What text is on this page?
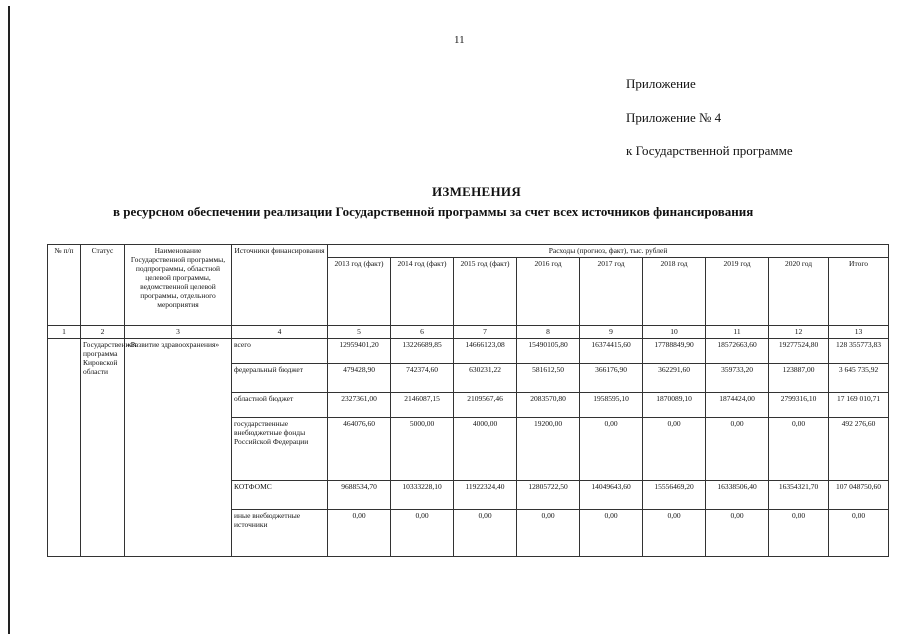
11
Приложение
Приложение № 4
к Государственной программе
ИЗМЕНЕНИЯ
в ресурсном обеспечении реализации Государственной программы за счет всех источников финансирования
№ п/п	Статус	Наименование Государственной программы, подпрограммы, областной целевой программы, ведомственной целевой программы, отдельного мероприятия	Источники финансирования	Расходы (прогноз, факт), тыс. рублей								
				2013 год (факт)	2014 год (факт)	2015 год (факт)	2016 год	2017 год	2018 год	2019 год	2020 год	Итого
1	2	3	4	5	6	7	8	9	10	11	12	13
	Государственная программа Кировской области	«Развитие здравоохранения»	всего	12959401,20	13226689,85	14666123,08	15490105,80	16374415,60	17788849,90	18572663,60	19277524,80	128 355773,83
			федеральный бюджет	479428,90	742374,60	630231,22	581612,50	366176,90	362291,60	359733,20	123887,00	3 645 735,92
			областной бюджет	2327361,00	2146087,15	2109567,46	2083570,80	1958595,10	1870089,10	1874424,00	2799316,10	17 169 010,71
			государственные внебюджетные фонды Российской Федерации	464076,60	5000,00	4000,00	19200,00	0,00	0,00	0,00	0,00	492 276,60
			КОТФОМС	9688534,70	10333228,10	11922324,40	12805722,50	14049643,60	15556469,20	16338506,40	16354321,70	107 048750,60
			иные внебюджетные источники	0,00	0,00	0,00	0,00	0,00	0,00	0,00	0,00	0,00
